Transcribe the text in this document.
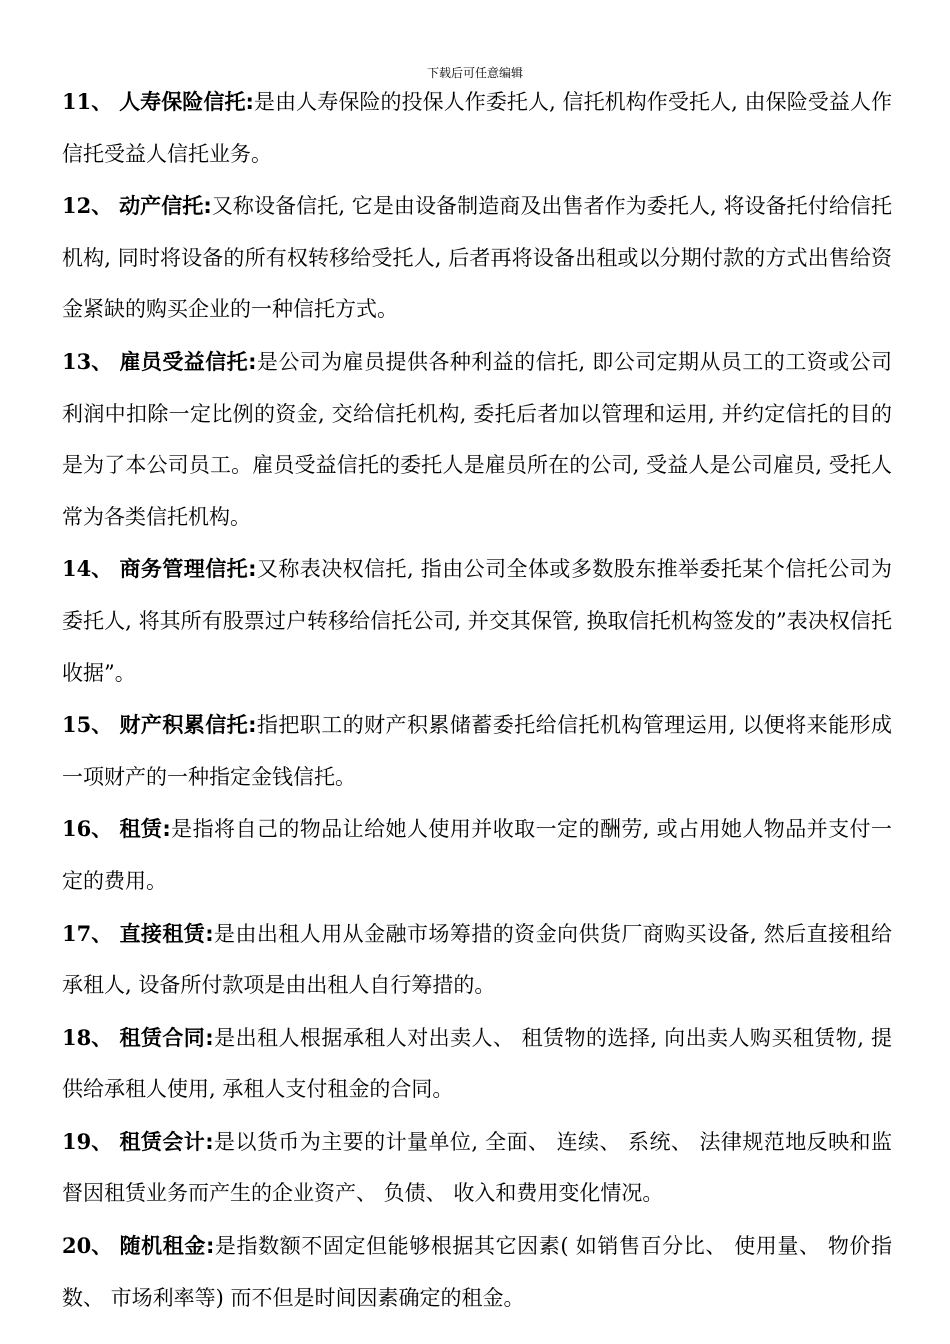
下载后可任意编辑

11、 人寿保险信托:是由人寿保险的投保人作委托人, 信托机构作受托人, 由保险受益人作信托受益人信托业务。

12、 动产信托:又称设备信托, 它是由设备制造商及出售者作为委托人, 将设备托付给信托机构, 同时将设备的所有权转移给受托人, 后者再将设备出租或以分期付款的方式出售给资金紧缺的购买企业的一种信托方式。

13、 雇员受益信托:是公司为雇员提供各种利益的信托, 即公司定期从员工的工资或公司利润中扣除一定比例的资金, 交给信托机构, 委托后者加以管理和运用, 并约定信托的目的是为了本公司员工。雇员受益信托的委托人是雇员所在的公司, 受益人是公司雇员, 受托人常为各类信托机构。

14、 商务管理信托:又称表决权信托, 指由公司全体或多数股东推举委托某个信托公司为委托人, 将其所有股票过户转移给信托公司, 并交其保管, 换取信托机构签发的”表决权信托收据”。

15、 财产积累信托:指把职工的财产积累储蓄委托给信托机构管理运用, 以便将来能形成一项财产的一种指定金钱信托。

16、 租赁:是指将自己的物品让给她人使用并收取一定的酬劳, 或占用她人物品并支付一定的费用。

17、 直接租赁:是由出租人用从金融市场筹措的资金向供货厂商购买设备, 然后直接租给承租人, 设备所付款项是由出租人自行筹措的。

18、 租赁合同:是出租人根据承租人对出卖人、 租赁物的选择, 向出卖人购买租赁物, 提供给承租人使用, 承租人支付租金的合同。

19、 租赁会计:是以货币为主要的计量单位, 全面、 连续、 系统、 法律规范地反映和监督因租赁业务而产生的企业资产、 负债、 收入和费用变化情况。

20、 随机租金:是指数额不固定但能够根据其它因素( 如销售百分比、 使用量、 物价指数、 市场利率等) 而不但是时间因素确定的租金。
